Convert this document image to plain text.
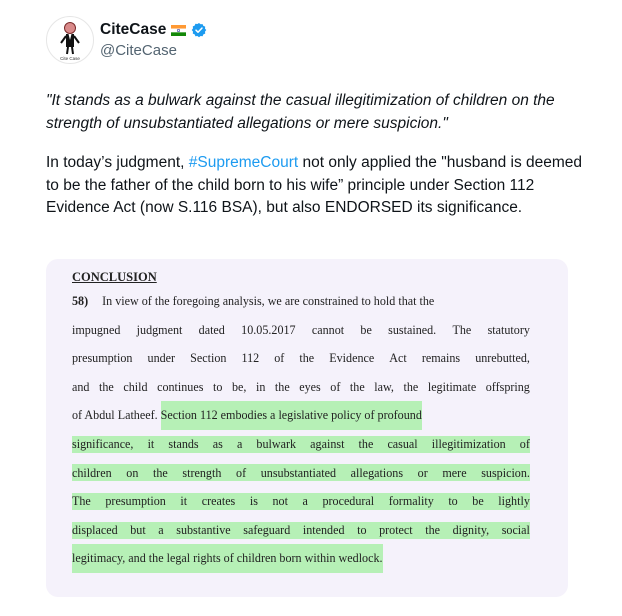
Cite Case
CiteCase
@CiteCase

"It stands as a bulwark against the casual illegitimization of children on the strength of unsubstantiated allegations or mere suspicion."

In today’s judgment, #SupremeCourt not only applied the "husband is deemed to be the father of the child born to his wife” principle under Section 112 Evidence Act (now S.116 BSA), but also ENDORSED its significance.

CONCLUSION
58) In view of the foregoing analysis, we are constrained to hold that the
impugned judgment dated 10.05.2017 cannot be sustained. The statutory
presumption under Section 112 of the Evidence Act remains unrebutted,
and the child continues to be, in the eyes of the law, the legitimate offspring
of Abdul Latheef.
Section 112 embodies a legislative policy of profound
significance, it stands as a bulwark against the casual illegitimization of
children on the strength of unsubstantiated allegations or mere suspicion.
The presumption it creates is not a procedural formality to be lightly
displaced but a substantive safeguard intended to protect the dignity, social
legitimacy, and the legal rights of children born within wedlock.
